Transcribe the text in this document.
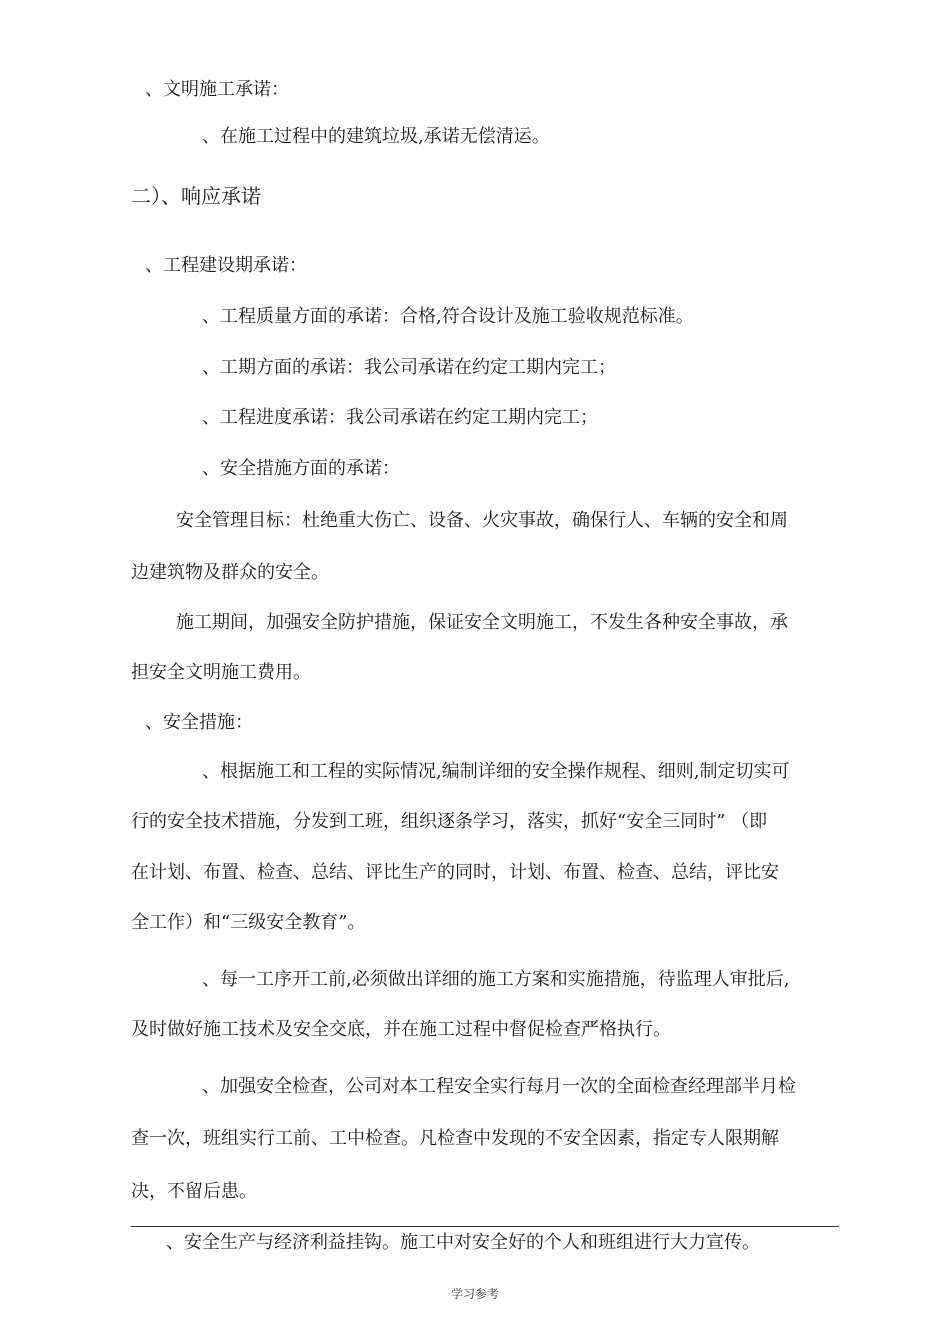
、文明施工承诺：
、在施工过程中的建筑垃圾,承诺无偿清运。
二）、响应承诺
、工程建设期承诺：
、工程质量方面的承诺：合格,符合设计及施工验收规范标准。
、工期方面的承诺：我公司承诺在约定工期内完工；
、工程进度承诺：我公司承诺在约定工期内完工；
、安全措施方面的承诺：
安全管理目标：杜绝重大伤亡、设备、火灾事故，确保行人、车辆的安全和周
边建筑物及群众的安全。
施工期间，加强安全防护措施，保证安全文明施工，不发生各种安全事故，承
担安全文明施工费用。
、安全措施：
、根据施工和工程的实际情况,编制详细的安全操作规程、细则,制定切实可
行的安全技术措施，分发到工班，组织逐条学习，落实，抓好“安全三同时” （即
在计划、布置、检查、总结、评比生产的同时，计划、布置、检查、总结，评比安
全工作）和“三级安全教育”。
、每一工序开工前,必须做出详细的施工方案和实施措施，待监理人审批后,
及时做好施工技术及安全交底，并在施工过程中督促检查严格执行。
、加强安全检查，公司对本工程安全实行每月一次的全面检查经理部半月检
查一次，班组实行工前、工中检查。凡检查中发现的不安全因素，指定专人限期解
决，不留后患。
、安全生产与经济利益挂钩。施工中对安全好的个人和班组进行大力宣传。
学习参考
